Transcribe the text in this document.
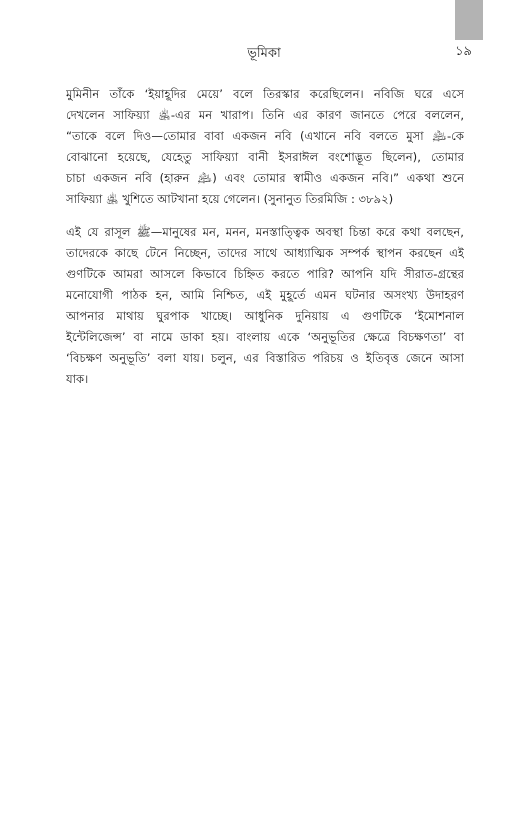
ভূমিকা	১৯
মুমিনীন তাঁকে ‘ইয়াহূদির মেয়ে’ বলে তিরস্কার করেছিলেন। নবিজি ঘরে এসে
দেখলেন সাফিয়্যা ﵁-এর মন খারাপ। তিনি এর কারণ জানতে পেরে বললেন,
“তাকে বলে দিও—তোমার বাবা একজন নবি (এখানে নবি বলতে মুসা ﵇-কে
বোঝানো হয়েছে, যেহেতু সাফিয়্যা বানী ইসরাঈল বংশোদ্ভূত ছিলেন), তোমার
চাচা একজন নবি (হারুন ﵇) এবং তোমার স্বামীও একজন নবি।” একথা শুনে
সাফিয়্যা ﵁ খুশিতে আটখানা হয়ে গেলেন। (সুনানুত তিরমিজি : ৩৮৯২)
এই যে রাসূল ﷺ—মানুষের মন, মনন, মনস্তাত্ত্বিক অবস্থা চিন্তা করে কথা বলছেন,
তাদেরকে কাছে টেনে নিচ্ছেন, তাদের সাথে আধ্যাত্মিক সম্পর্ক স্থাপন করছেন এই
গুণটিকে আমরা আসলে কিভাবে চিহ্নিত করতে পারি? আপনি যদি সীরাত-গ্রন্থের
মনোযোগী পাঠক হন, আমি নিশ্চিত, এই মুহূর্তে এমন ঘটনার অসংখ্য উদাহরণ
আপনার মাথায় ঘুরপাক খাচ্ছে। আধুনিক দুনিয়ায় এ গুণটিকে ‘ইমোশনাল
ইন্টেলিজেন্স’ বা নামে ডাকা হয়। বাংলায় একে ‘অনুভূতির ক্ষেত্রে বিচক্ষণতা’ বা
‘বিচক্ষণ অনুভূতি’ বলা যায়। চলুন, এর বিস্তারিত পরিচয় ও ইতিবৃত্ত জেনে আসা
যাক।
